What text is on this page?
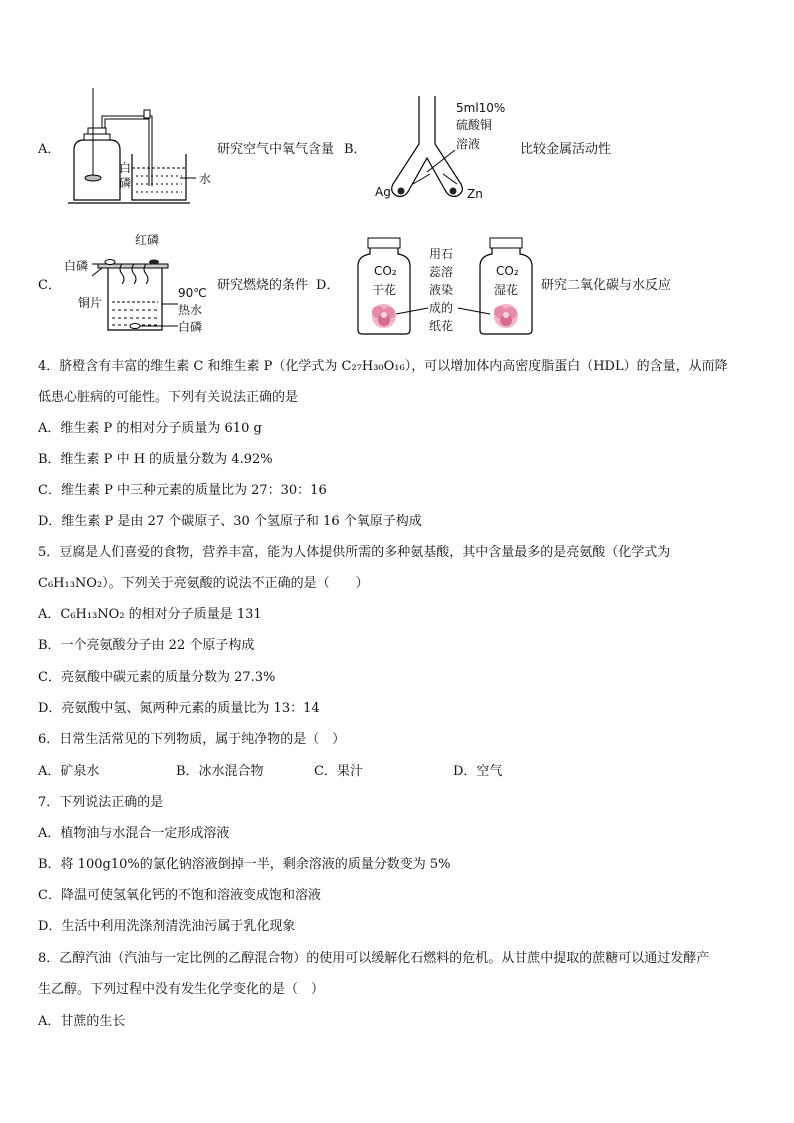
A．
白
磷	水
研究空气中氧气含量 B．
5ml10%
硫酸铜
溶液
Ag	Zn
比较金属活动性
C．
红磷
白磷
90℃
铜片	热水
白磷
研究燃烧的条件 D．
CO₂
干花
用石
蕊溶
液染
成的
纸花
CO₂
湿花 研究二氧化碳与水反应
4．脐橙含有丰富的维生素 C 和维生素 P（化学式为 C₂₇H₃₀O₁₆），可以增加体内高密度脂蛋白（HDL）的含量，从而降
低患心脏病的可能性。下列有关说法正确的是
A．维生素 P 的相对分子质量为 610 g
B．维生素 P 中 H 的质量分数为 4.92%
C．维生素 P 中三种元素的质量比为 27：30：16
D．维生素 P 是由 27 个碳原子、30 个氢原子和 16 个氧原子构成
5．豆腐是人们喜爱的食物，营养丰富，能为人体提供所需的多种氨基酸，其中含量最多的是亮氨酸（化学式为
C₆H₁₃NO₂）。下列关于亮氨酸的说法不正确的是（　　）
A．C₆H₁₃NO₂ 的相对分子质量是 131
B．一个亮氨酸分子由 22 个原子构成
C．亮氨酸中碳元素的质量分数为 27.3%
D．亮氨酸中氢、氮两种元素的质量比为 13：14
6．日常生活常见的下列物质，属于纯净物的是（　）
A．矿泉水	B．冰水混合物	C．果汁	D．空气
7．下列说法正确的是
A．植物油与水混合一定形成溶液
B．将 100g10%的氯化钠溶液倒掉一半，剩余溶液的质量分数变为 5%
C．降温可使氢氧化钙的不饱和溶液变成饱和溶液
D．生活中利用洗涤剂清洗油污属于乳化现象
8．乙醇汽油（汽油与一定比例的乙醇混合物）的使用可以缓解化石燃料的危机。从甘蔗中提取的蔗糖可以通过发酵产
生乙醇。下列过程中没有发生化学变化的是（　）
A．甘蔗的生长
